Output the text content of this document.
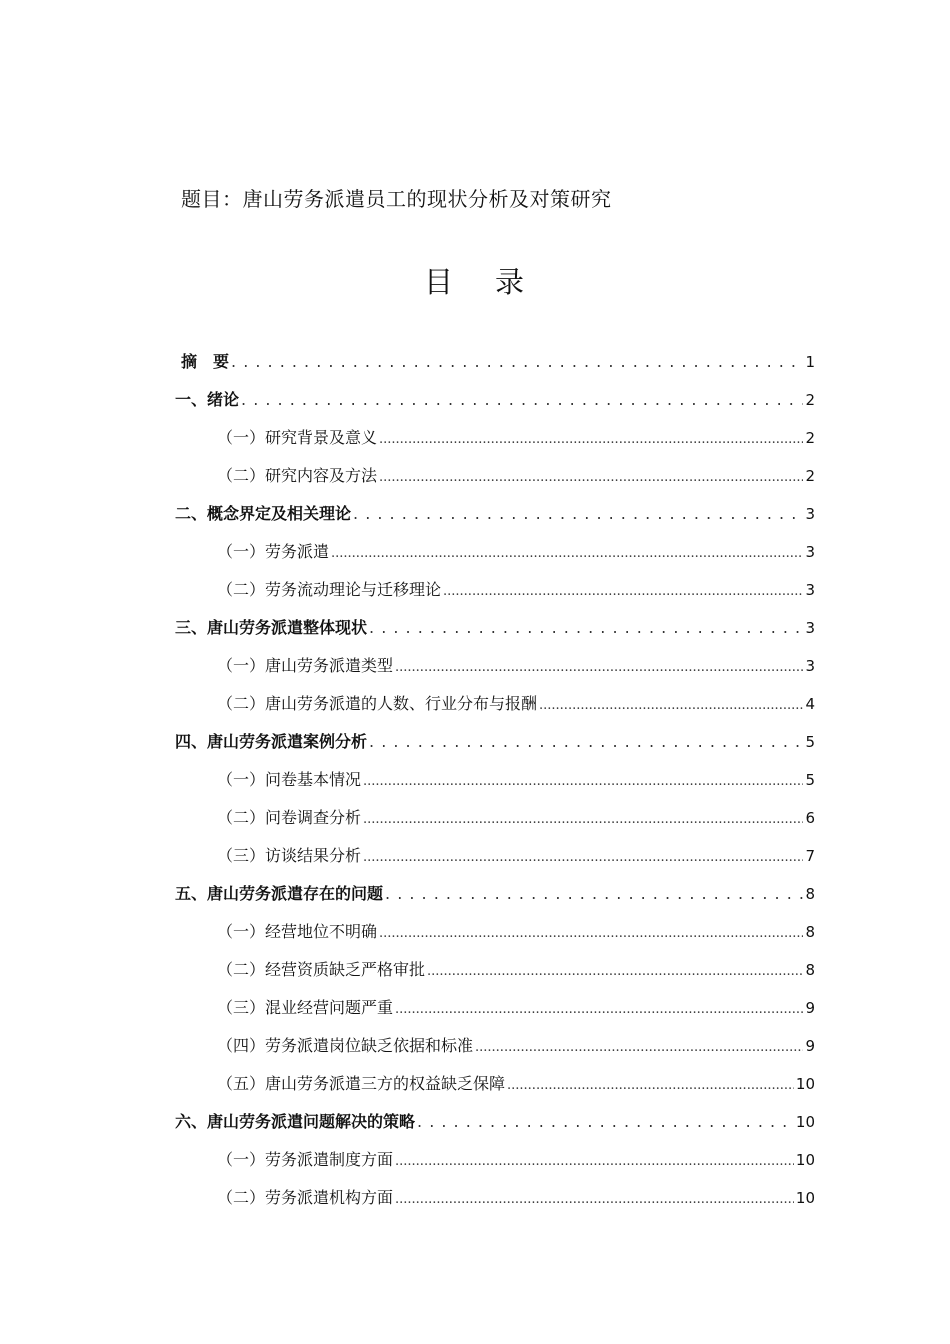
题目：唐山劳务派遣员工的现状分析及对策研究
目 录
摘　要 . . .	1
一、绪论 . . .	2
（一）研究背景及意义 .....	2
（二）研究内容及方法 .....	2
二、概念界定及相关理论 . . .	3
（一）劳务派遣 .....	3
（二）劳务流动理论与迁移理论 .....	3
三、唐山劳务派遣整体现状 . . .	3
（一）唐山劳务派遣类型 .....	3
（二）唐山劳务派遣的人数、行业分布与报酬 .....	4
四、唐山劳务派遣案例分析 . . .	5
（一）问卷基本情况 .....	5
（二）问卷调查分析 .....	6
（三）访谈结果分析 .....	7
五、唐山劳务派遣存在的问题 . . .	8
（一）经营地位不明确 .....	8
（二）经营资质缺乏严格审批 .....	8
（三）混业经营问题严重 .....	9
（四）劳务派遣岗位缺乏依据和标准 .....	9
（五）唐山劳务派遣三方的权益缺乏保障 .....	10
六、唐山劳务派遣问题解决的策略 . . .	10
（一）劳务派遣制度方面 .....	10
（二）劳务派遣机构方面 .....	10
